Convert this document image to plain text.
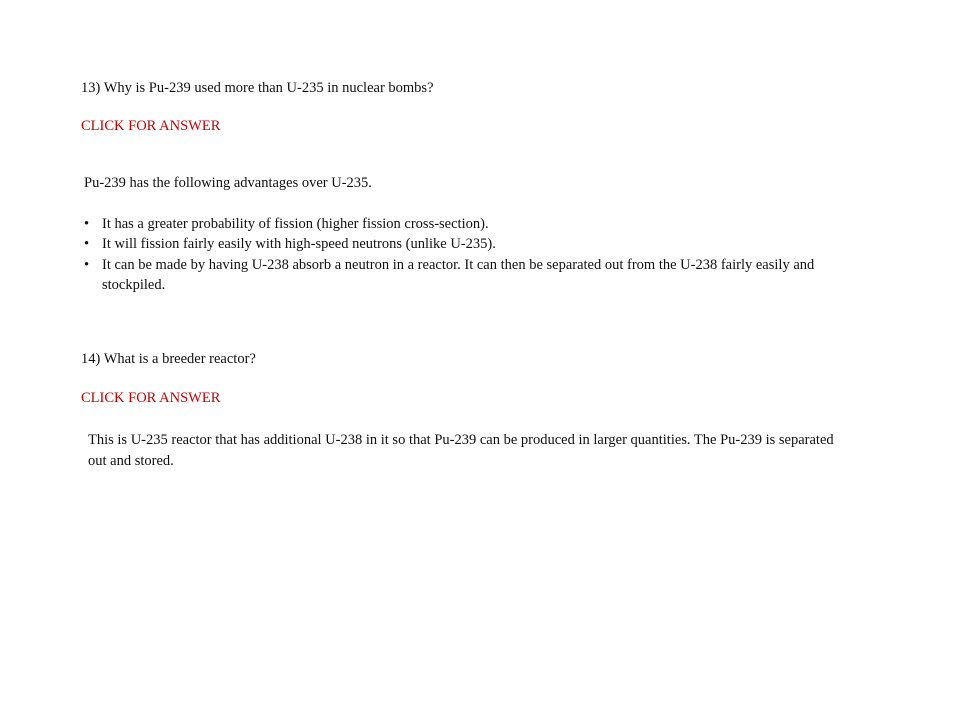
13) Why is Pu-239 used more than U-235 in nuclear bombs?
CLICK FOR ANSWER
Pu-239 has the following advantages over U-235.
• It has a greater probability of fission (higher fission cross-section).
• It will fission fairly easily with high-speed neutrons (unlike U-235).
• It can be made by having U-238 absorb a neutron in a reactor. It can then be separated out from the U-238 fairly easily and stockpiled.
14) What is a breeder reactor?
CLICK FOR ANSWER
This is U-235 reactor that has additional U-238 in it so that Pu-239 can be produced in larger quantities. The Pu-239 is separated out and stored.
